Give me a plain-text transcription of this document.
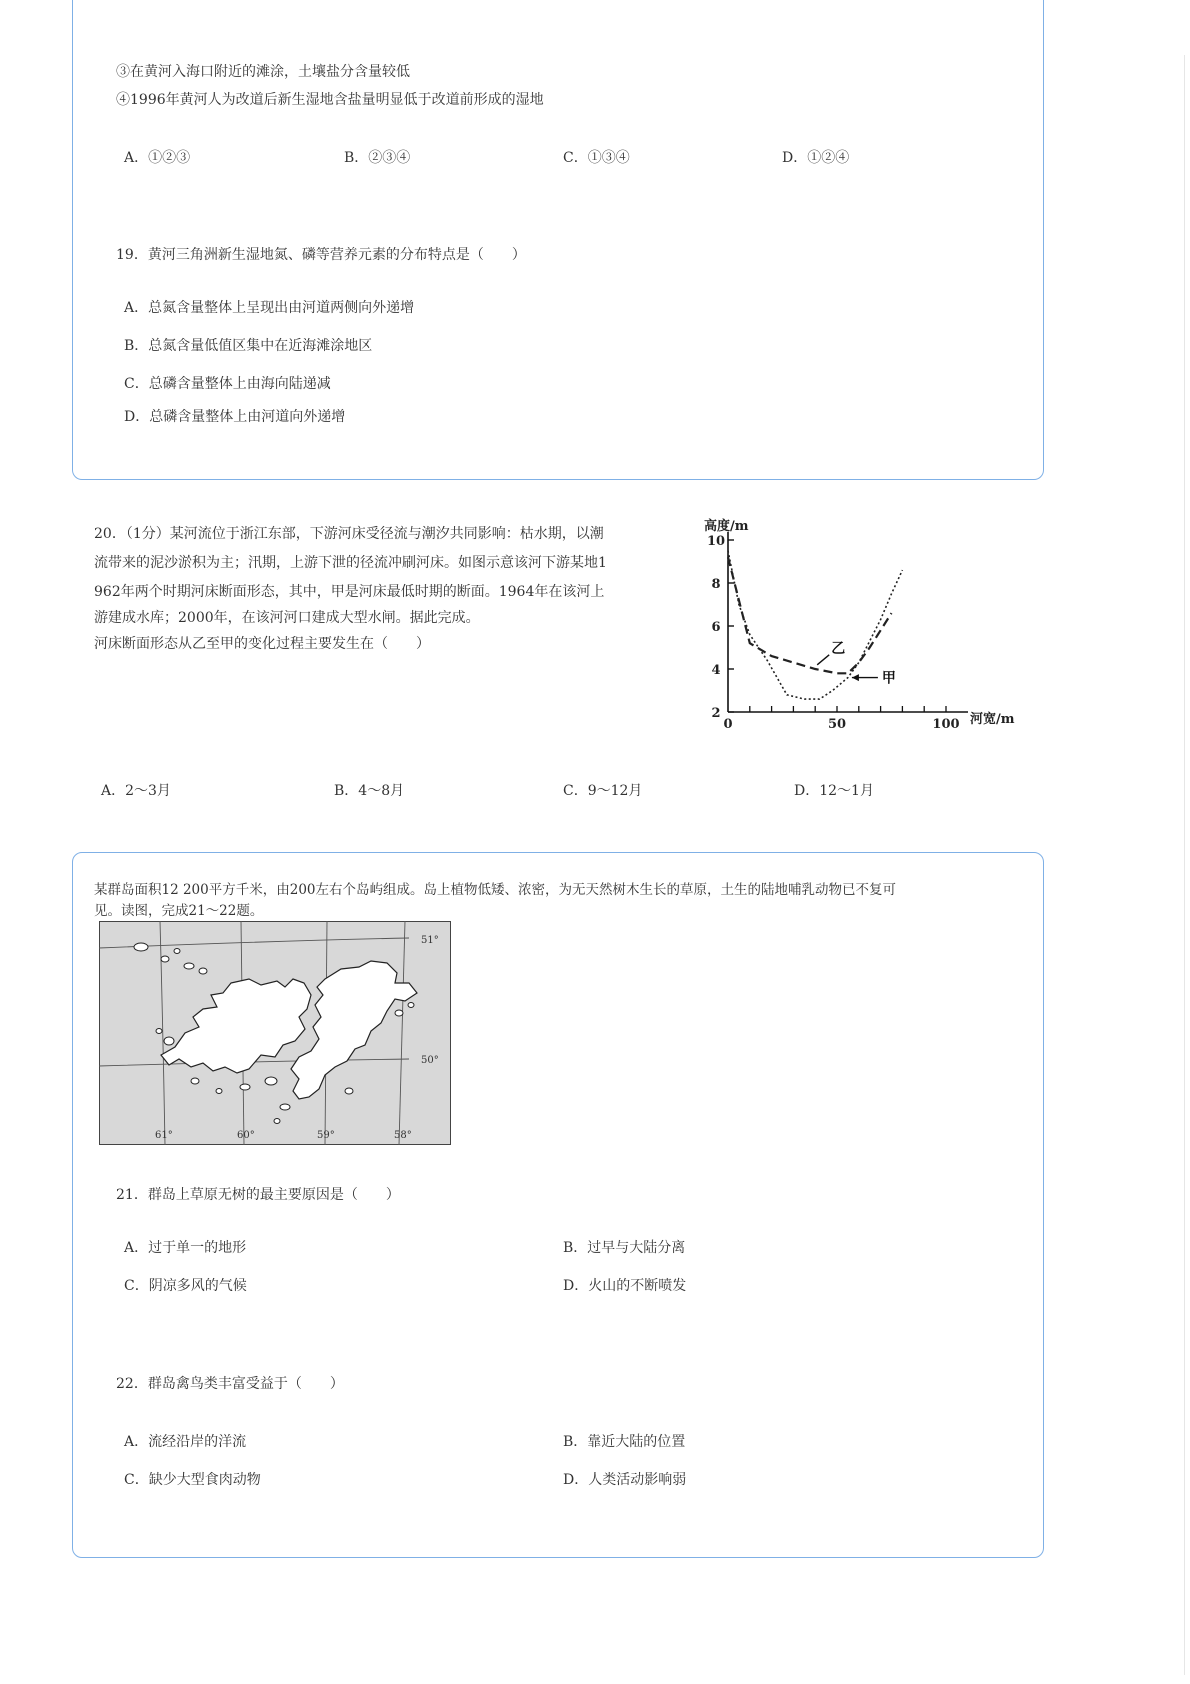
③在黄河入海口附近的滩涂，土壤盐分含量较低
④1996年黄河人为改道后新生湿地含盐量明显低于改道前形成的湿地
A．①②③	B．②③④	C．①③④	D．①②④
19．黄河三角洲新生湿地氮、磷等营养元素的分布特点是（　　）
A．总氮含量整体上呈现出由河道两侧向外递增
B．总氮含量低值区集中在近海滩涂地区
C．总磷含量整体上由海向陆递减
D．总磷含量整体上由河道向外递增
20．（1分）某河流位于浙江东部，下游河床受径流与潮汐共同影响：枯水期，以潮
流带来的泥沙淤积为主；汛期，上游下泄的径流冲刷河床。如图示意该河下游某地1
962年两个时期河床断面形态，其中，甲是河床最低时期的断面。1964年在该河上
游建成水库；2000年，在该河河口建成大型水闸。据此完成。
河床断面形态从乙至甲的变化过程主要发生在（　　）
2
4
6
8
10
0	50	100
乙
甲
高度/m
河宽/m
A．2～3月	B．4～8月	C．9～12月	D．12～1月
某群岛面积12 200平方千米，由200左右个岛屿组成。岛上植物低矮、浓密，为无天然树木生长的草原，土生的陆地哺乳动物已不复可
见。读图，完成21～22题。
51°
50°
61°	60°	59°	58°
21．群岛上草原无树的最主要原因是（　　）
A．过于单一的地形	B．过早与大陆分离
C．阴凉多风的气候	D．火山的不断喷发
22．群岛禽鸟类丰富受益于（　　）
A．流经沿岸的洋流	B．靠近大陆的位置
C．缺少大型食肉动物	D．人类活动影响弱
